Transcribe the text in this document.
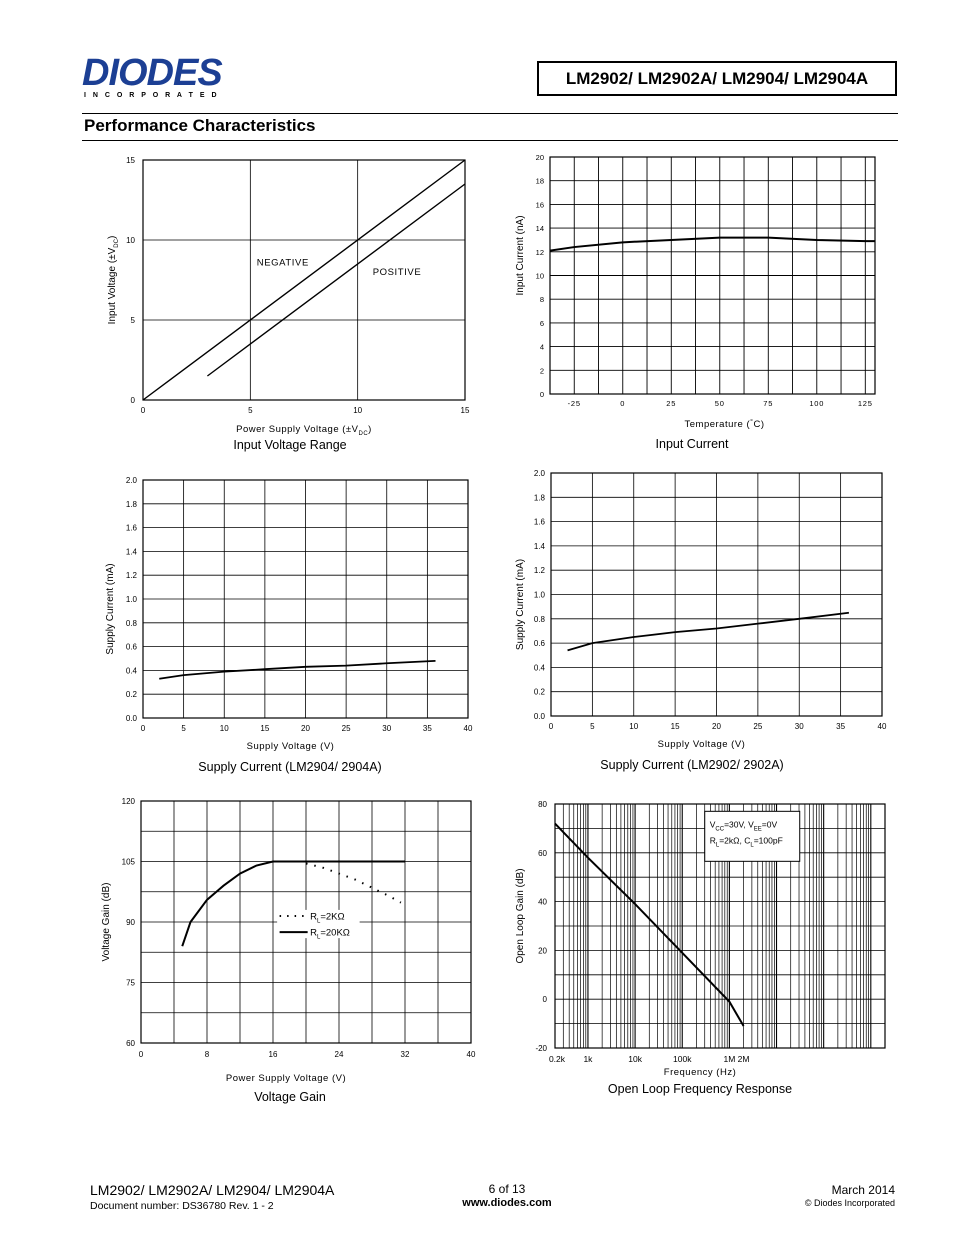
DIODES
I N C O R P O R A T E D
LM2902/ LM2902A/ LM2904/ LM2904A
Performance Characteristics
0	5	10	15
0
5
10
15
NEGATIVE
POSITIVE
Power Supply Voltage $(\pm V_{DC})$
Input Voltage $(\pm V_{DC})$
Input Voltage Range
-25	0	25	50	75	100	125
0
2
4
6
8
10
12
14
16
18
20
Temperature (°C)
Input Current (nA)
Input Current
0	5	10	15	20	25	30	35	40
0.0
0.2
0.4
0.6
0.8
1.0
1.2
1.4
1.6
1.8
2.0
Supply Voltage (V)
Supply Current (mA)
Supply Current (LM2904/ 2904A)
0	5	10	15	20	25	30	35	40
0.0
0.2
0.4
0.6
0.8
1.0
1.2
1.4
1.6
1.8
2.0
Supply Voltage (V)
Supply Current (mA)
Supply Current (LM2902/ 2902A)
0	8	16	24	32	40
60
75
90
105
120
$R_L=2K\Omega$
$R_L=20K\Omega$
Power Supply Voltage (V)
Voltage Gain (dB)
Voltage Gain
0.2k 1k	10k	100k	1M 2M
-20
0
20
40
60
80
$V_{CC}=30V$, $V_{EE}=0V$
$R_L=2k\Omega$, $C_L=100pF$
Frequency (Hz)
Open Loop Gain (dB)
Open Loop Frequency Response
LM2902/ LM2902A/ LM2904/ LM2904A
Document number: DS36780 Rev. 1 - 2
6 of 13
www.diodes.com
March 2014
© Diodes Incorporated
